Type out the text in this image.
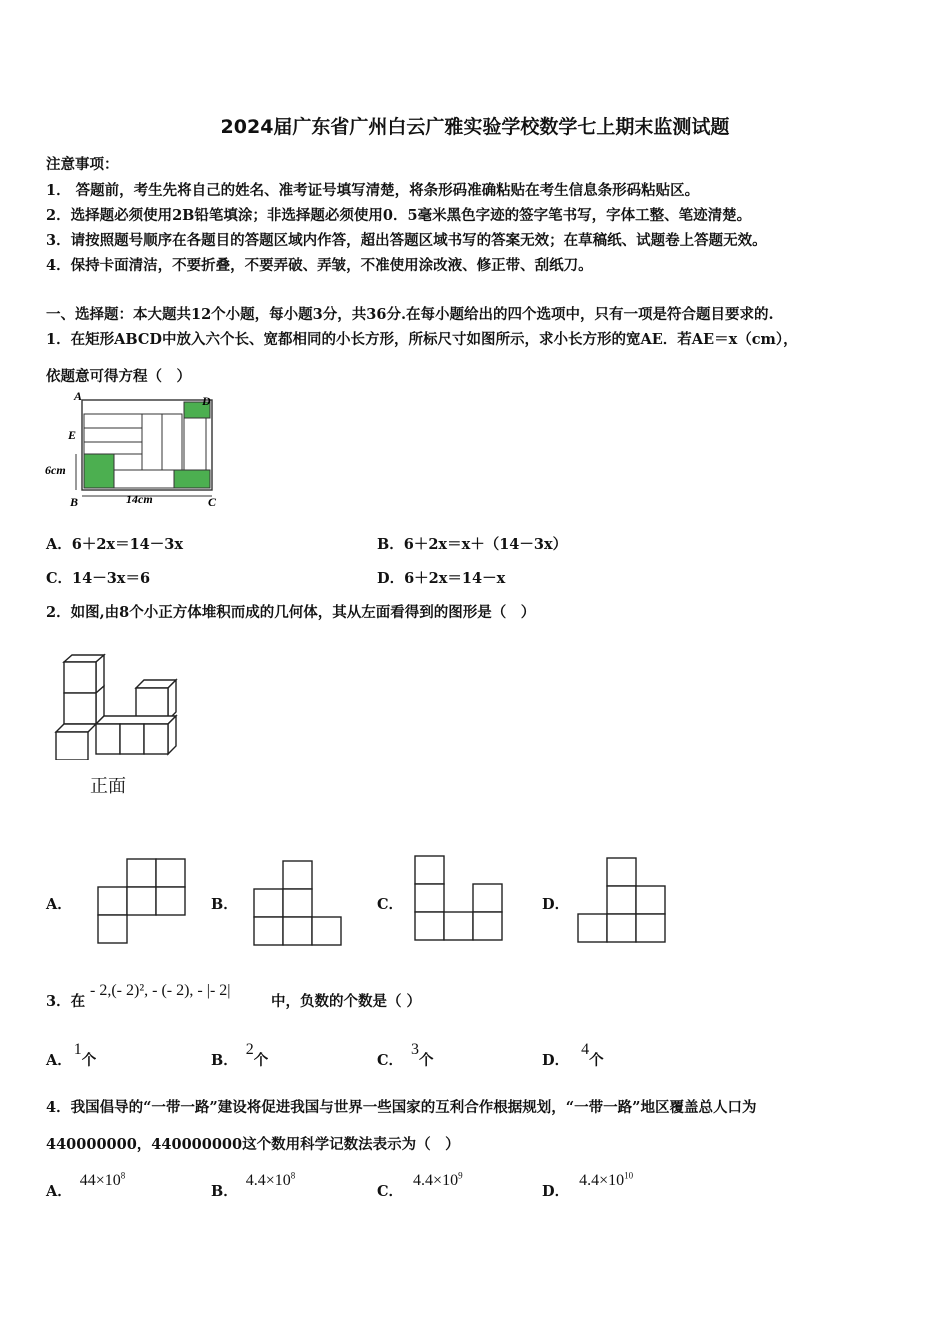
2024届广东省广州白云广雅实验学校数学七上期末监测试题
注意事项：
1． 答题前，考生先将自己的姓名、准考证号填写清楚，将条形码准确粘贴在考生信息条形码粘贴区。
2．选择题必须使用2B铅笔填涂；非选择题必须使用0．5毫米黑色字迹的签字笔书写，字体工整、笔迹清楚。
3．请按照题号顺序在各题目的答题区域内作答，超出答题区域书写的答案无效；在草稿纸、试题卷上答题无效。
4．保持卡面清洁，不要折叠，不要弄破、弄皱，不准使用涂改液、修正带、刮纸刀。
一、选择题：本大题共12个小题，每小题3分，共36分.在每小题给出的四个选项中，只有一项是符合题目要求的.
1．在矩形ABCD中放入六个长、宽都相同的小长方形，所标尺寸如图所示，求小长方形的宽AE．若AE＝x（cm），
依题意可得方程（　）
A	D
E
6cm
B	14cm	C
A．6＋2x＝14－3x	B．6＋2x＝x＋（14－3x）
C．14－3x＝6	D．6＋2x＝14－x
2．如图,由8个小正方体堆积而成的几何体，其从左面看得到的图形是（　）
正面
A．	B．	C．	D．
3．在
- 2,(- 2)², - (- 2), - |- 2|
中，负数的个数是（ ）
A．1个	B．2个	C．3个	D．4个
4．我国倡导的“一带一路”建设将促进我国与世界一些国家的互利合作根据规划，“一带一路”地区覆盖总人口为
440000000，440000000这个数用科学记数法表示为（　）
A．$44\times 10^8$
B．$4.4\times 10^8$
C．$4.4\times 10^9$
D．$4.4\times 10^{10}$
